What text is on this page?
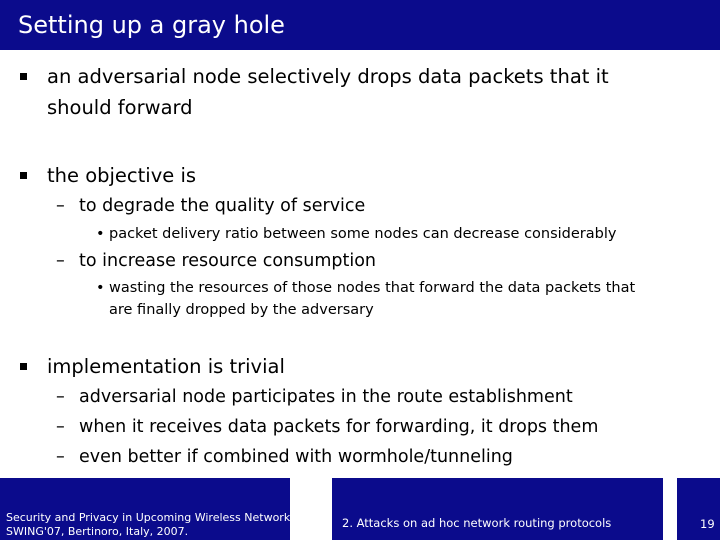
Setting up a gray hole
an adversarial node selectively drops data packets that it
should forward
the objective is
– to degrade the quality of service
• packet delivery ratio between some nodes can decrease considerably
– to increase resource consumption
• wasting the resources of those nodes that forward the data packets that
are finally dropped by the adversary
implementation is trivial
– adversarial node participates in the route establishment
– when it receives data packets for forwarding, it drops them
– even better if combined with wormhole/tunneling
Security and Privacy in Upcoming Wireless Networks
SWING'07, Bertinoro, Italy, 2007.
2. Attacks on ad hoc network routing protocols	19
